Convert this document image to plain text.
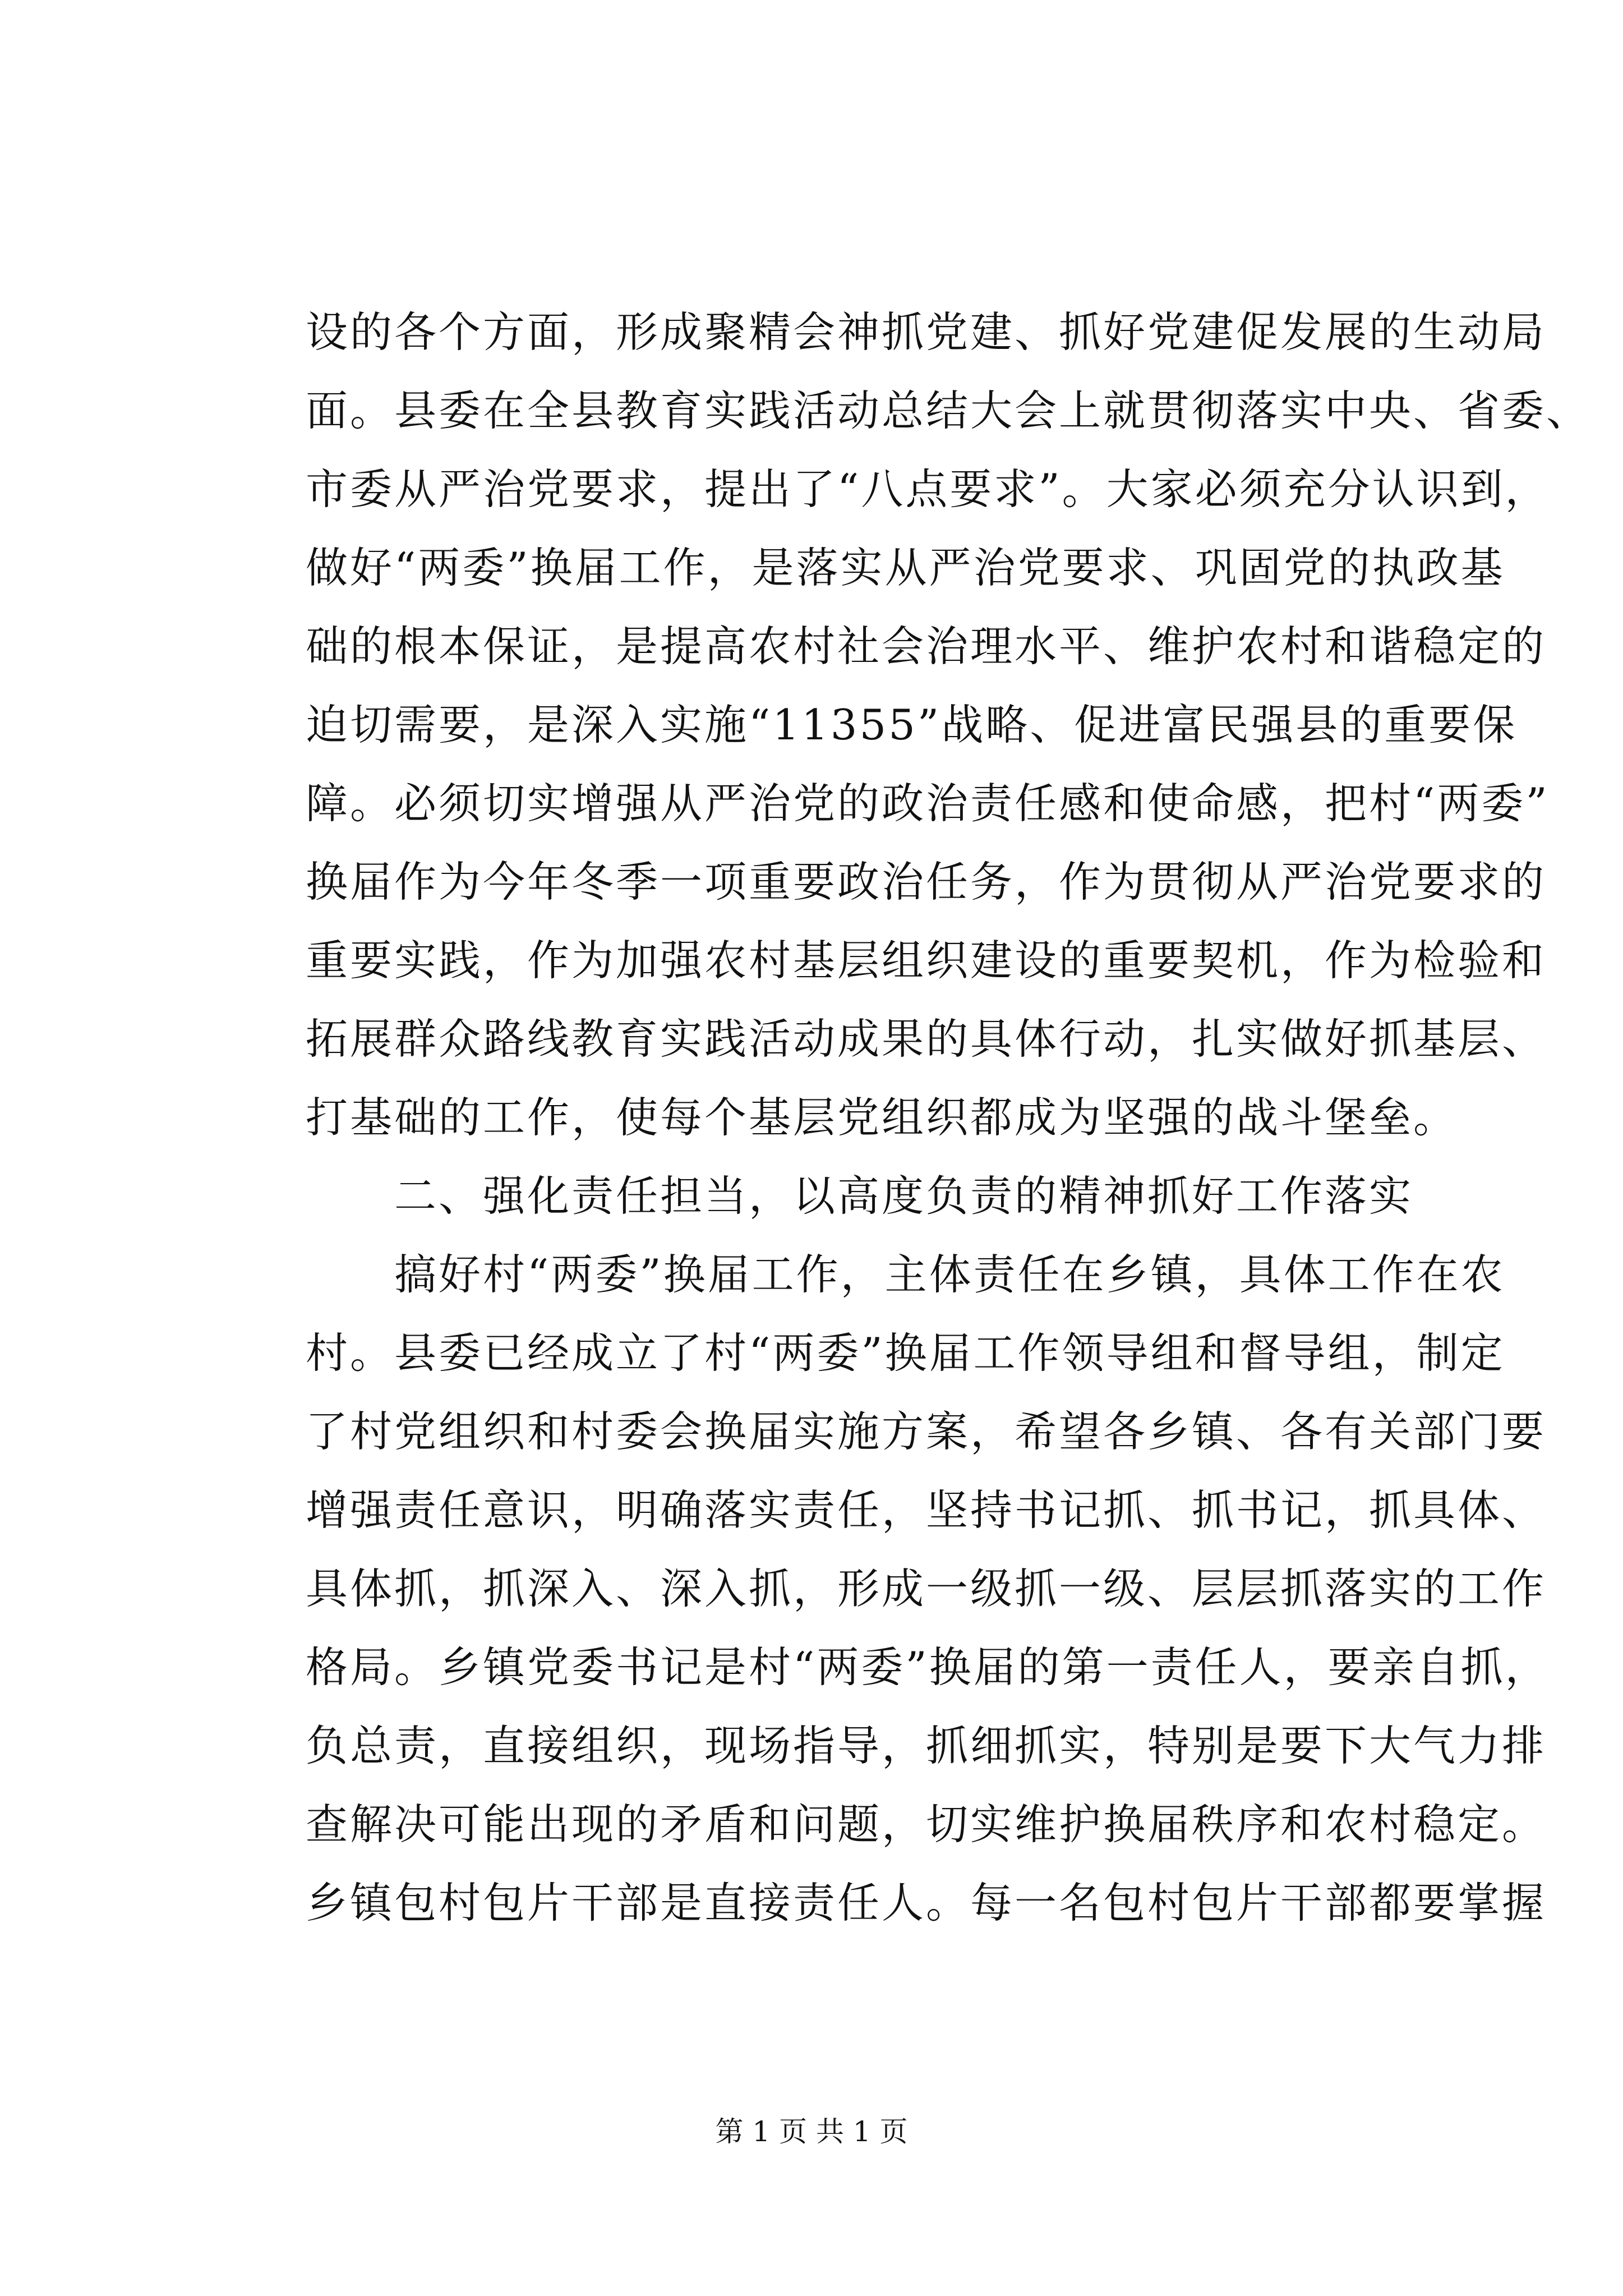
设的各个方面，形成聚精会神抓党建、抓好党建促发展的生动局
面。县委在全县教育实践活动总结大会上就贯彻落实中央、省委、
市委从严治党要求，提出了“八点要求”。大家必须充分认识到，
做好“两委”换届工作，是落实从严治党要求、巩固党的执政基
础的根本保证，是提高农村社会治理水平、维护农村和谐稳定的
迫切需要，是深入实施“11355”战略、促进富民强县的重要保
障。必须切实增强从严治党的政治责任感和使命感，把村“两委”
换届作为今年冬季一项重要政治任务，作为贯彻从严治党要求的
重要实践，作为加强农村基层组织建设的重要契机，作为检验和
拓展群众路线教育实践活动成果的具体行动，扎实做好抓基层、
打基础的工作，使每个基层党组织都成为坚强的战斗堡垒。
　　二、强化责任担当，以高度负责的精神抓好工作落实
　　搞好村“两委”换届工作，主体责任在乡镇，具体工作在农
村。县委已经成立了村“两委”换届工作领导组和督导组，制定
了村党组织和村委会换届实施方案，希望各乡镇、各有关部门要
增强责任意识，明确落实责任，坚持书记抓、抓书记，抓具体、
具体抓，抓深入、深入抓，形成一级抓一级、层层抓落实的工作
格局。乡镇党委书记是村“两委”换届的第一责任人，要亲自抓，
负总责，直接组织，现场指导，抓细抓实，特别是要下大气力排
查解决可能出现的矛盾和问题，切实维护换届秩序和农村稳定。
乡镇包村包片干部是直接责任人。每一名包村包片干部都要掌握
第 1 页 共 1 页
